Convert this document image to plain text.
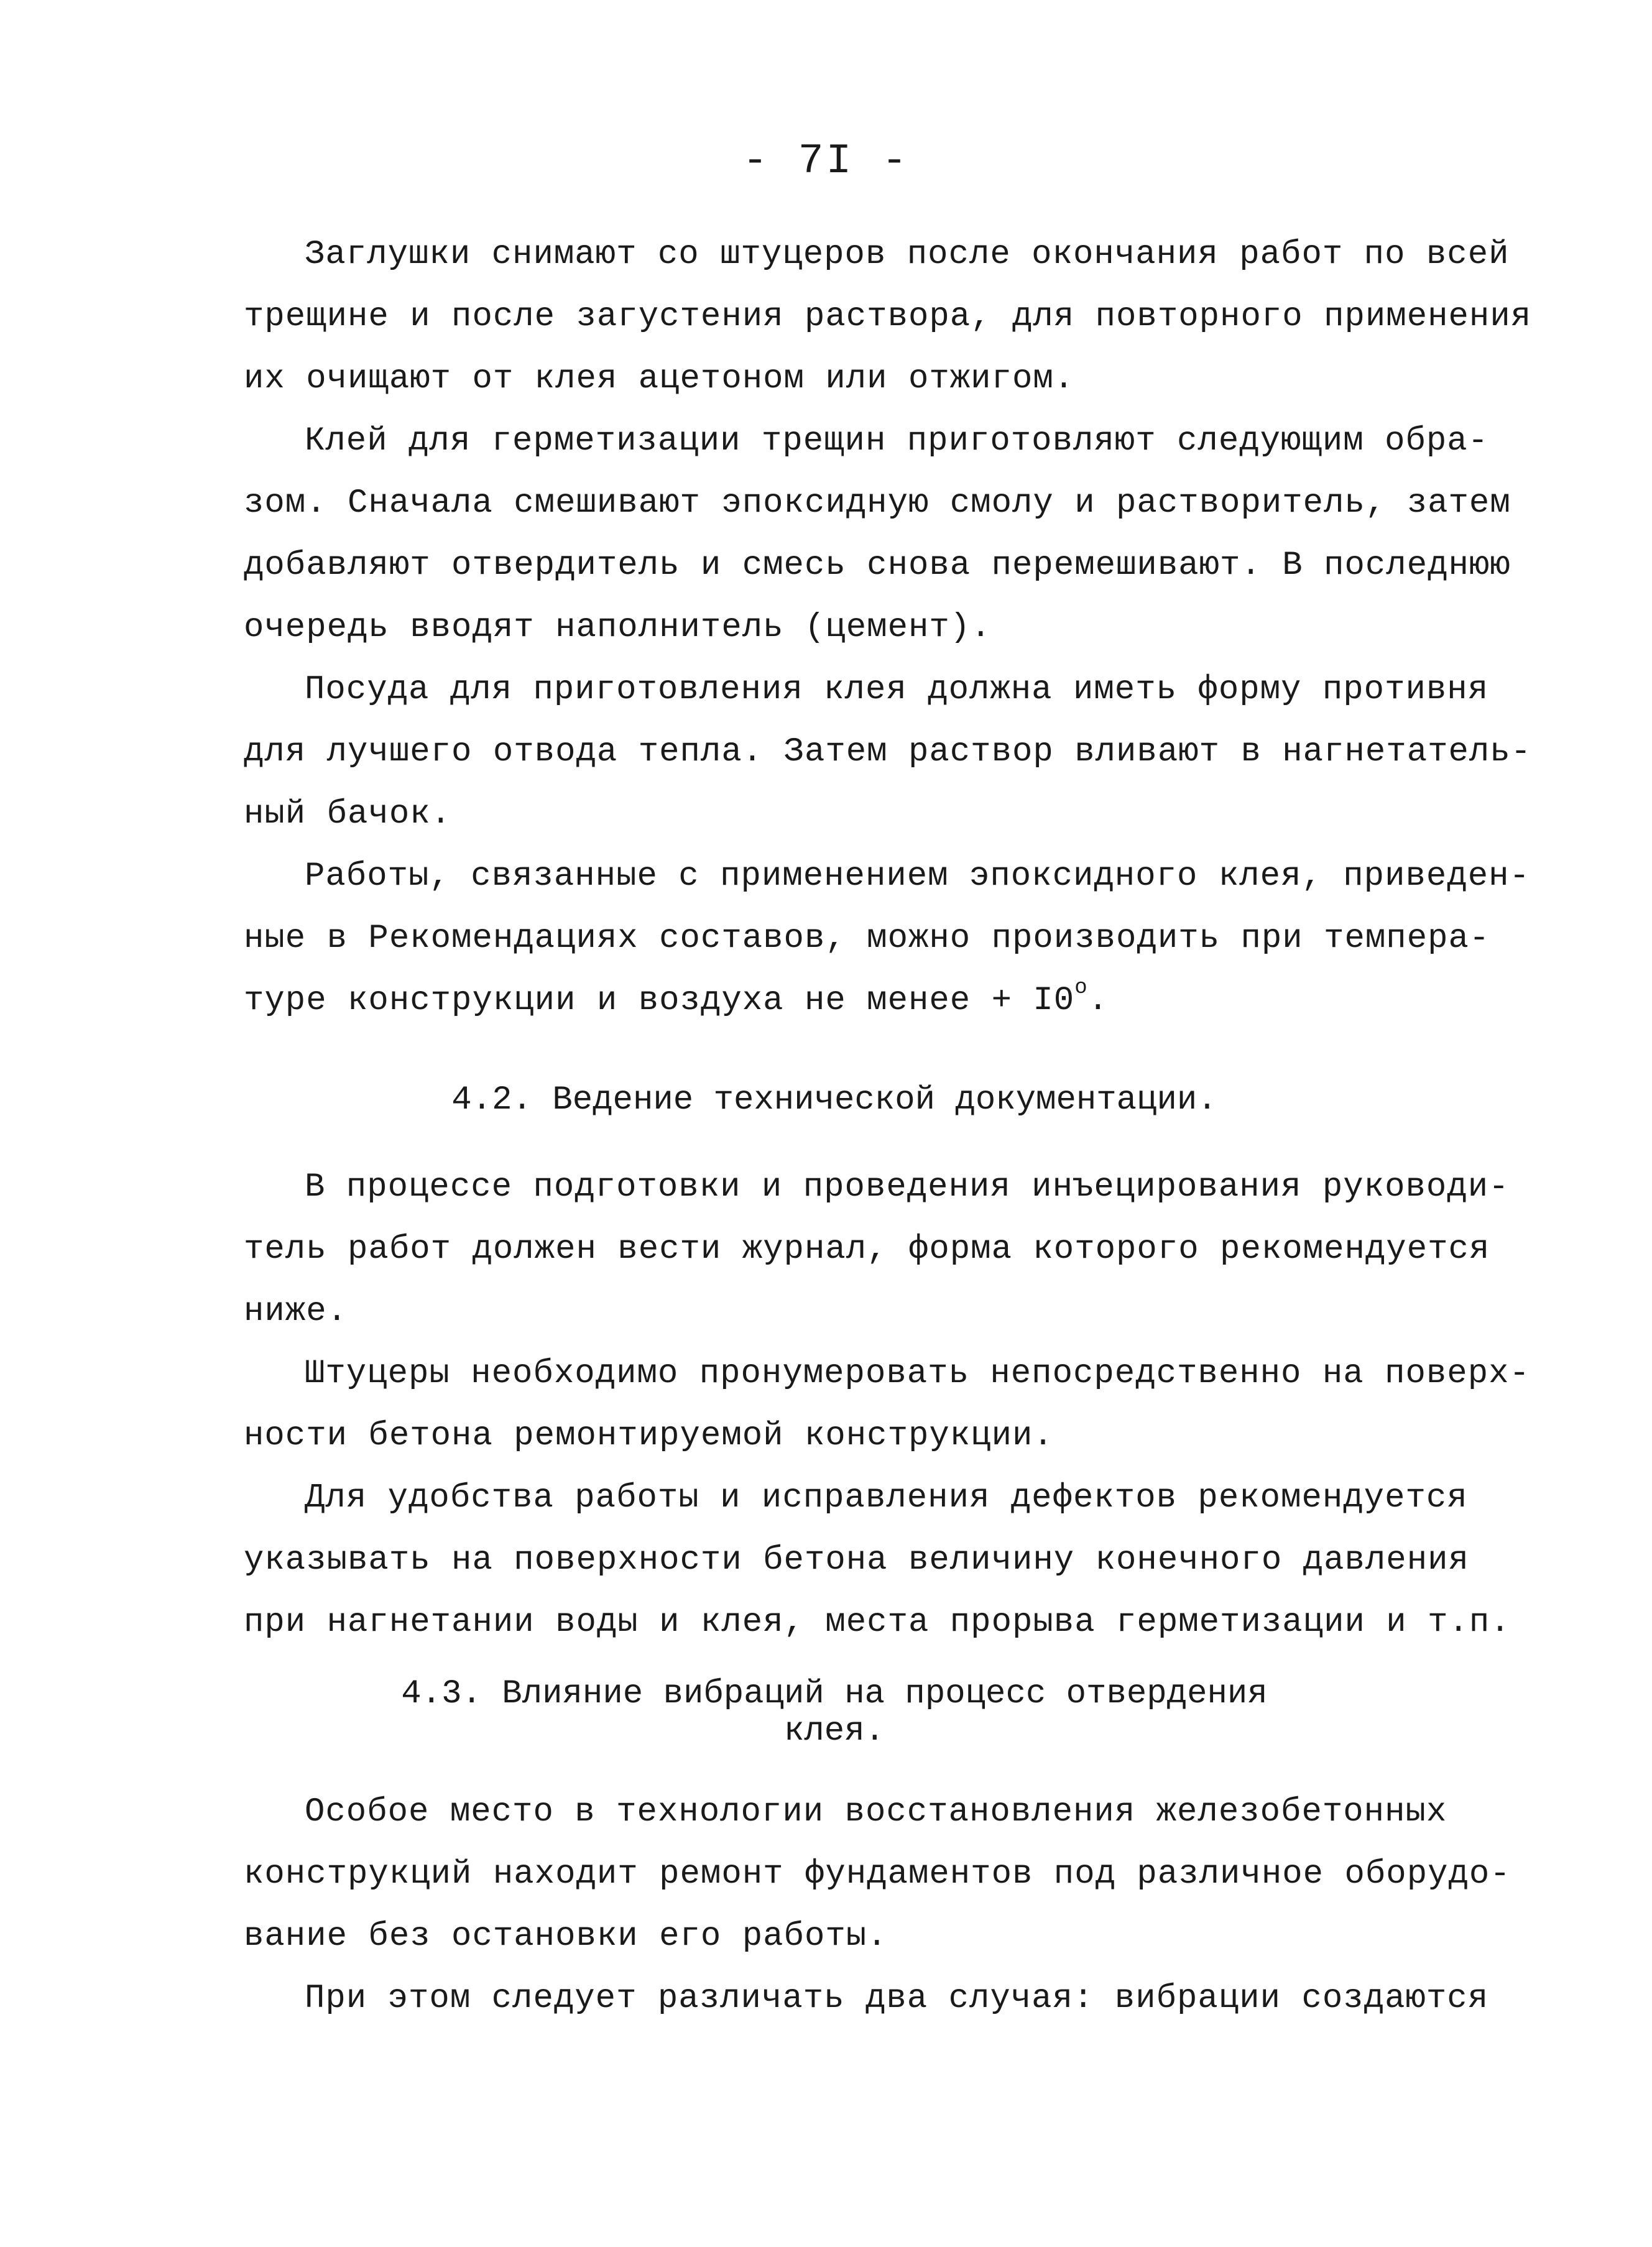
- 7I -
Заглушки снимают со штуцеров после окончания работ по всей
трещине и после загустения раствора, для повторного применения
их очищают от клея ацетоном или отжигом.
Клей для герметизации трещин приготовляют следующим обра-
зом. Сначала смешивают эпоксидную смолу и растворитель, затем
добавляют отвердитель и смесь снова перемешивают. В последнюю
очередь вводят наполнитель (цемент).
Посуда для приготовления клея должна иметь форму противня
для лучшего отвода тепла. Затем раствор вливают в нагнетатель-
ный бачок.
Работы, связанные с применением эпоксидного клея, приведен-
ные в Рекомендациях составов, можно производить при темпера-
туре конструкции и воздуха не менее + $I0^о$.
4.2. Ведение технической документации.
В процессе подготовки и проведения инъецирования руководи-
тель работ должен вести журнал, форма которого рекомендуется
ниже.
Штуцеры необходимо пронумеровать непосредственно на поверх-
ности бетона ремонтируемой конструкции.
Для удобства работы и исправления дефектов рекомендуется
указывать на поверхности бетона величину конечного давления
при нагнетании воды и клея, места прорыва герметизации и т.п.
4.3. Влияние вибраций на процесс отвердения
клея.
Особое место в технологии восстановления железобетонных
конструкций находит ремонт фундаментов под различное оборудо-
вание без остановки его работы.
При этом следует различать два случая: вибрации создаются
